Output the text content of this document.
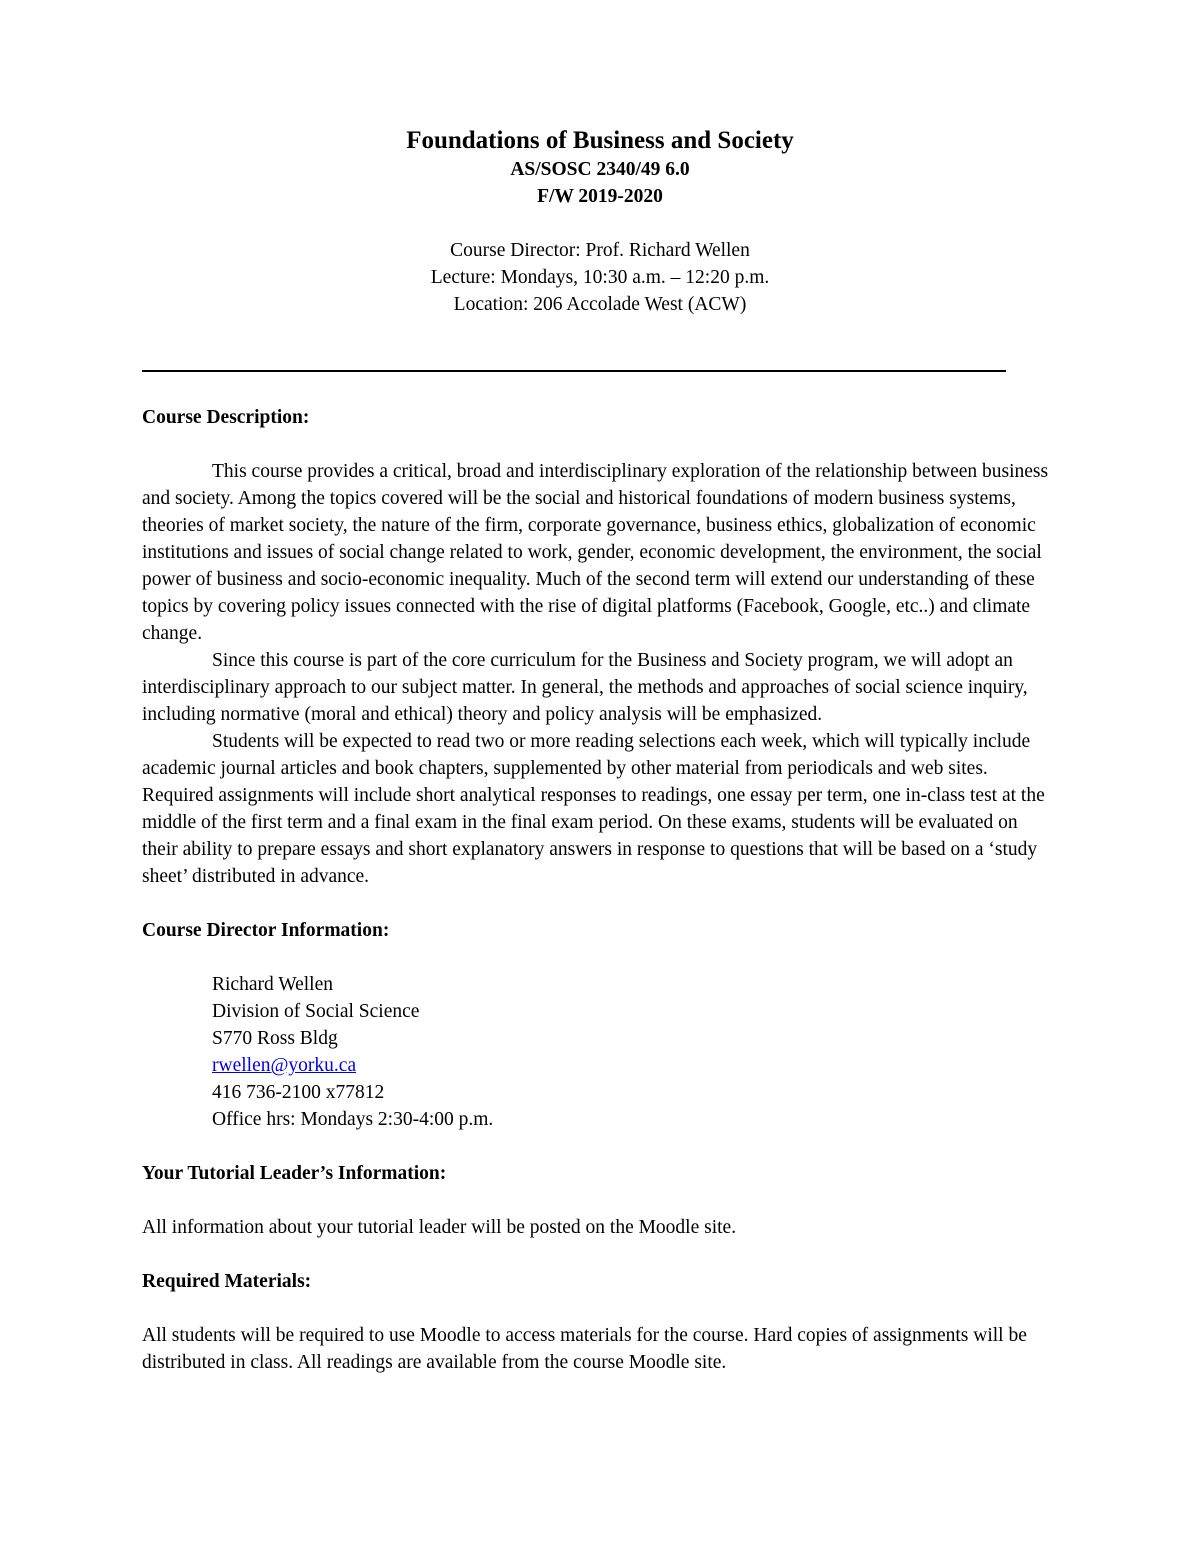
Foundations of Business and Society

AS/SOSC 2340/49 6.0

F/W 2019-2020

Course Director: Prof. Richard Wellen

Lecture: Mondays, 10:30 a.m. – 12:20 p.m.

Location: 206 Accolade West (ACW)

Course Description:

This course provides a critical, broad and interdisciplinary exploration of the relationship between business and society. Among the topics covered will be the social and historical foundations of modern business systems, theories of market society, the nature of the firm, corporate governance, business ethics, globalization of economic institutions and issues of social change related to work, gender, economic development, the environment, the social power of business and socio-economic inequality. Much of the second term will extend our understanding of these topics by covering policy issues connected with the rise of digital platforms (Facebook, Google, etc..) and climate change.

Since this course is part of the core curriculum for the Business and Society program, we will adopt an interdisciplinary approach to our subject matter. In general, the methods and approaches of social science inquiry, including normative (moral and ethical) theory and policy analysis will be emphasized.

Students will be expected to read two or more reading selections each week, which will typically include academic journal articles and book chapters, supplemented by other material from periodicals and web sites. Required assignments will include short analytical responses to readings, one essay per term, one in-class test at the middle of the first term and a final exam in the final exam period. On these exams, students will be evaluated on their ability to prepare essays and short explanatory answers in response to questions that will be based on a ‘study sheet’ distributed in advance.

Course Director Information:

Richard Wellen
Division of Social Science
S770 Ross Bldg
rwellen@yorku.ca
416 736-2100 x77812
Office hrs: Mondays 2:30-4:00 p.m.

Your Tutorial Leader’s Information:

All information about your tutorial leader will be posted on the Moodle site.

Required Materials:

All students will be required to use Moodle to access materials for the course. Hard copies of assignments will be distributed in class. All readings are available from the course Moodle site.
